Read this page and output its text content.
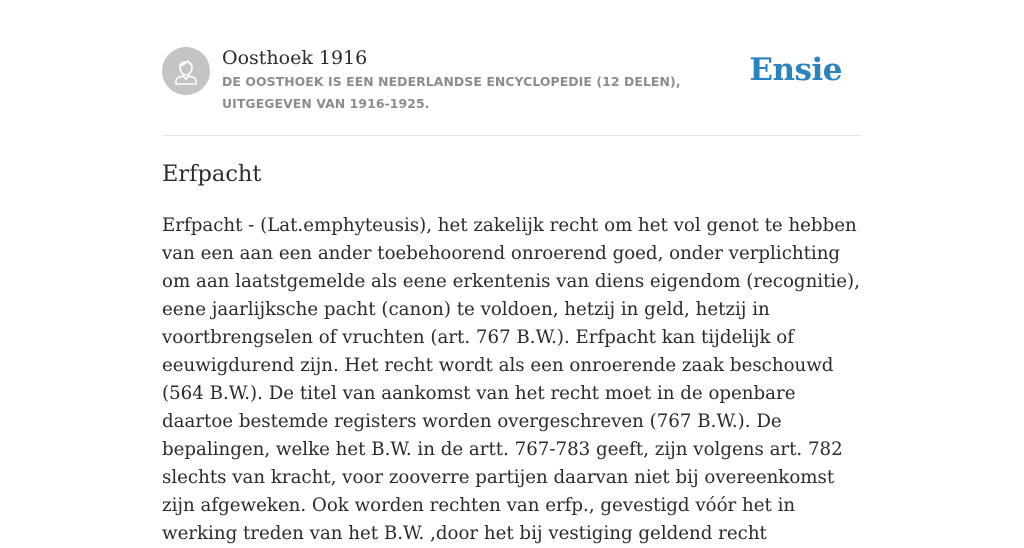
Oosthoek 1916
DE OOSTHOEK IS EEN NEDERLANDSE ENCYCLOPEDIE (12 DELEN), UITGEGEVEN VAN 1916-1925.
Ensie
Erfpacht

Erfpacht - (Lat.emphyteusis), het zakelijk recht om het vol genot te hebben van een aan een ander toebehoorend onroerend goed, onder verplichting om aan laatstgemelde als eene erkentenis van diens eigendom (recognitie), eene jaarlijksche pacht (canon) te voldoen, hetzij in geld, hetzij in voortbrengselen of vruchten (art. 767 B.W.). Erfpacht kan tijdelijk of eeuwigdurend zijn. Het recht wordt als een onroerende zaak beschouwd (564 B.W.). De titel van aankomst van het recht moet in de openbare daartoe bestemde registers worden overgeschreven (767 B.W.). De bepalingen, welke het B.W. in de artt. 767-783 geeft, zijn volgens art. 782 slechts van kracht, voor zooverre partijen daarvan niet bij overeenkomst zijn afgeweken. Ook worden rechten van erfp., gevestigd vóór het in werking treden van het B.W. ,door het bij vestiging geldend recht
